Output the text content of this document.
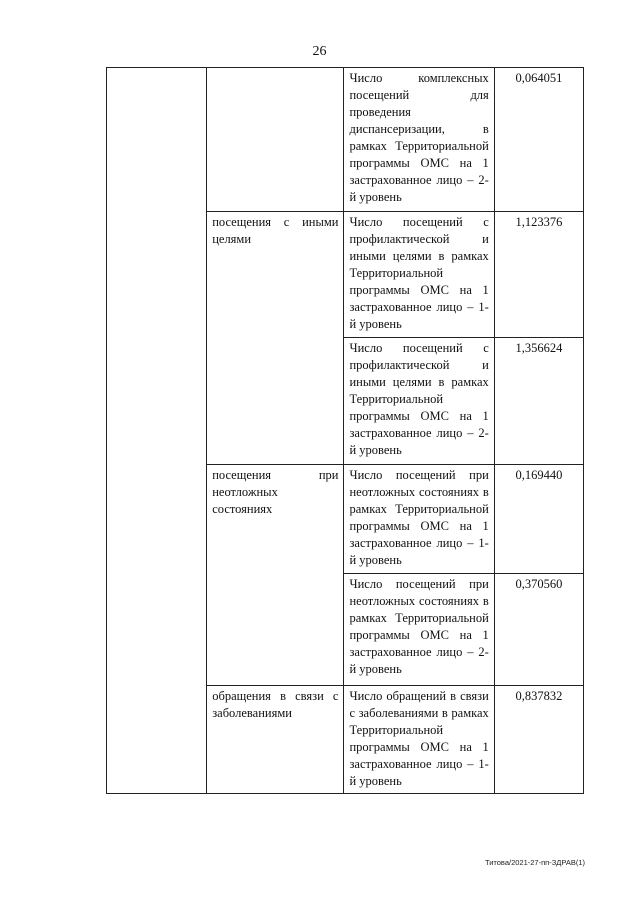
26
		Число комплексных посещений для проведения диспансеризации, в рамках Территориальной программы ОМС на 1 застрахованное лицо – 2-й уровень	0,064051
	посещения с иными целями	Число посещений с профилактической и иными целями в рамках Территориальной программы ОМС на 1 застрахованное лицо – 1-й уровень	1,123376
		Число посещений с профилактической и иными целями в рамках Территориальной программы ОМС на 1 застрахованное лицо – 2-й уровень	1,356624
	посещения при неотложных состояниях	Число посещений при неотложных состояниях в рамках Территориальной программы ОМС на 1 застрахованное лицо – 1-й уровень	0,169440
		Число посещений при неотложных состояниях в рамках Территориальной программы ОМС на 1 застрахованное лицо – 2-й уровень	0,370560
	обращения в связи с заболеваниями	Число обращений в связи с заболеваниями в рамках Территориальной программы ОМС на 1 застрахованное лицо – 1-й уровень	0,837832
Титова/2021-27-пп-ЗДРАВ(1)
